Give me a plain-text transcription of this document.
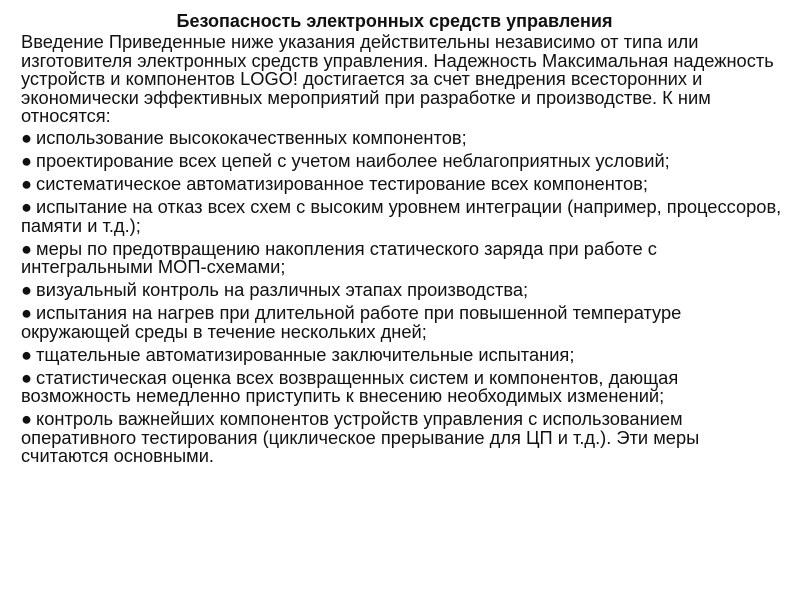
Безопасность электронных средств управления

Введение Приведенные ниже указания действительны независимо от типа или изготовителя электронных средств управления. Надежность Максимальная надежность устройств и компонентов LOGO! достигается за счет внедрения всесторонних и экономически эффективных мероприятий при разработке и производстве. К ним относятся:

● использование высококачественных компонентов;

● проектирование всех цепей с учетом наиболее неблагоприятных условий;

● систематическое автоматизированное тестирование всех компонентов;

● испытание на отказ всех схем с высоким уровнем интеграции (например, процессоров, памяти и т.д.);

● меры по предотвращению накопления статического заряда при работе с интегральными МОП-схемами;

● визуальный контроль на различных этапах производства;

● испытания на нагрев при длительной работе при повышенной температуре окружающей среды в течение нескольких дней;

● тщательные автоматизированные заключительные испытания;

● статистическая оценка всех возвращенных систем и компонентов, дающая возможность немедленно приступить к внесению необходимых изменений;

● контроль важнейших компонентов устройств управления с использованием оперативного тестирования (циклическое прерывание для ЦП и т.д.). Эти меры считаются основными.
